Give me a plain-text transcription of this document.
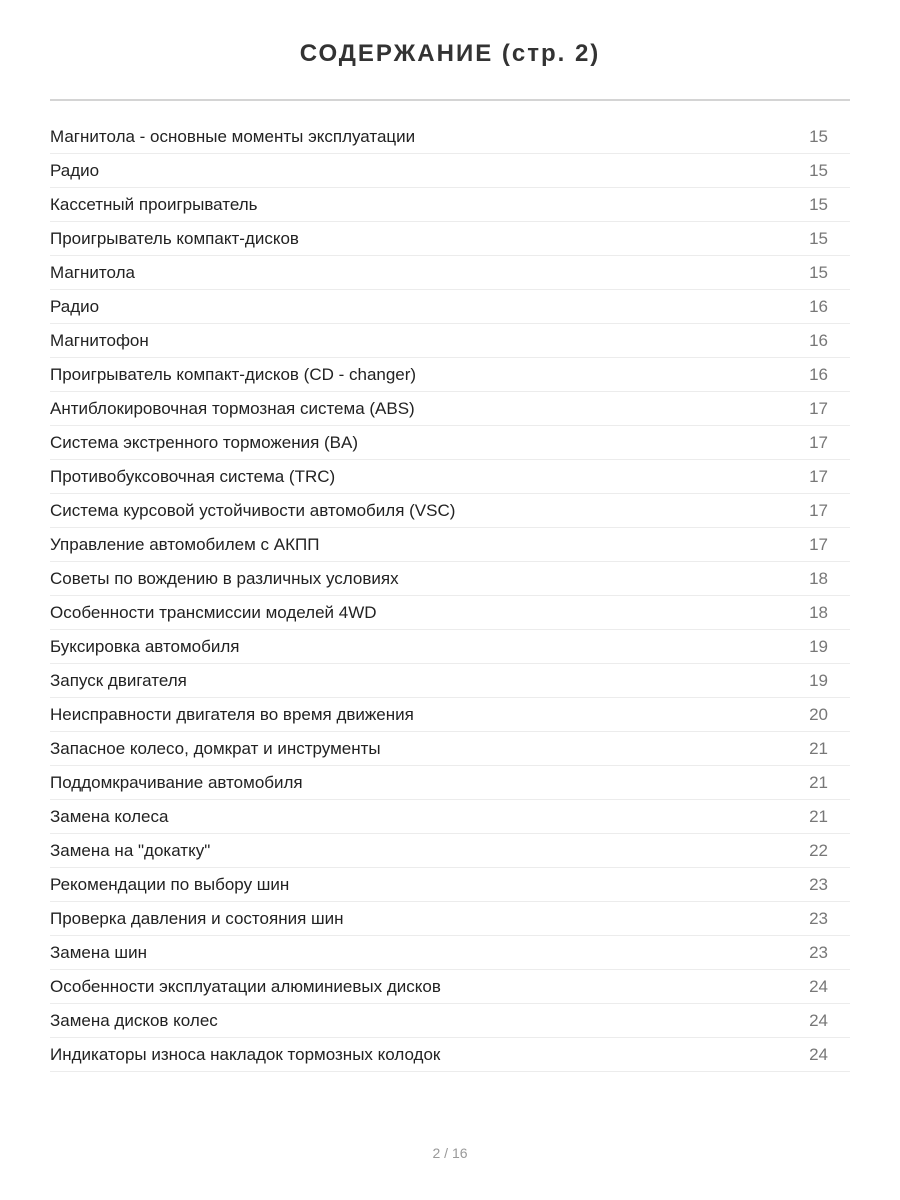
СОДЕРЖАНИЕ (стр. 2)
Магнитола - основные моменты эксплуатации	15
Радио	15
Кассетный проигрыватель	15
Проигрыватель компакт-дисков	15
Магнитола	15
Радио	16
Магнитофон	16
Проигрыватель компакт-дисков (CD - changer)	16
Антиблокировочная тормозная система (ABS)	17
Система экстренного торможения (BA)	17
Противобуксовочная система (TRC)	17
Система курсовой устойчивости автомобиля (VSC)	17
Управление автомобилем с АКПП	17
Советы по вождению в различных условиях	18
Особенности трансмиссии моделей 4WD	18
Буксировка автомобиля	19
Запуск двигателя	19
Неисправности двигателя во время движения	20
Запасное колесо, домкрат и инструменты	21
Поддомкрачивание автомобиля	21
Замена колеса	21
Замена на "докатку"	22
Рекомендации по выбору шин	23
Проверка давления и состояния шин	23
Замена шин	23
Особенности эксплуатации алюминиевых дисков	24
Замена дисков колес	24
Индикаторы износа накладок тормозных колодок	24
2 / 16
